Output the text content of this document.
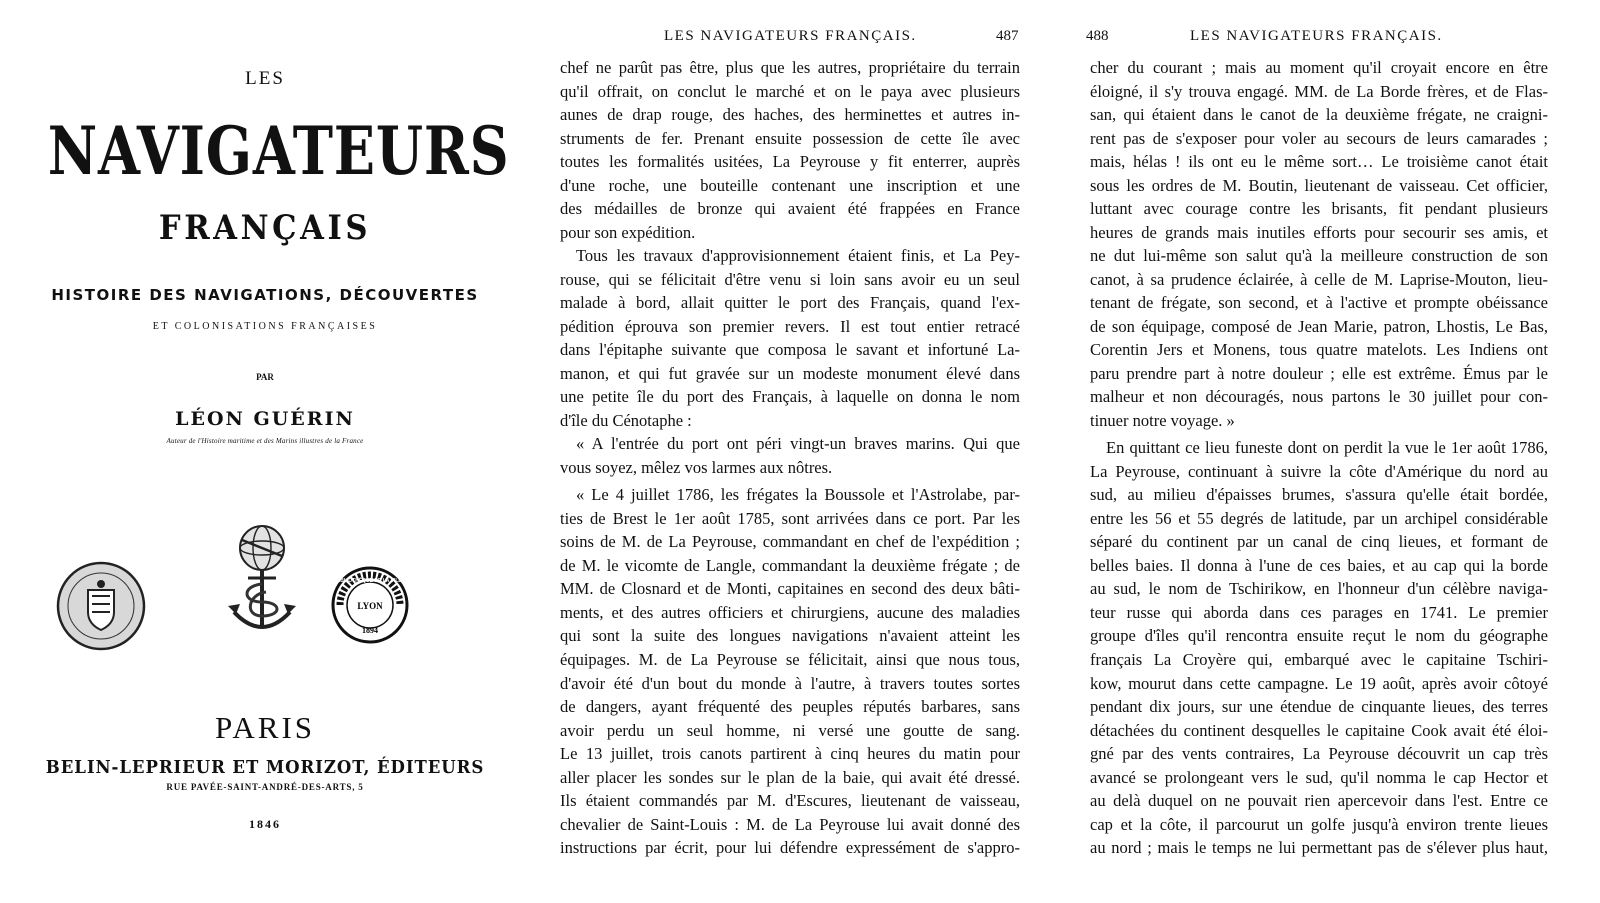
LES
NAVIGATEURS
FRANÇAIS
HISTOIRE DES NAVIGATIONS, DÉCOUVERTES
ET COLONISATIONS FRANÇAISES
PAR
LÉON GUÉRIN
Auteur de l'Histoire maritime et des Marins illustres de la France
LYON
1894
BIBLIOTHÈQUE DE LA VILLE
PARIS
BELIN-LEPRIEUR ET MORIZOT, ÉDITEURS
RUE PAVÉE-SAINT-ANDRÉ-DES-ARTS, 5
1846
LES NAVIGATEURS FRANÇAIS.	487
chef ne parût pas être, plus que les autres, propriétaire du terrain
qu'il offrait, on conclut le marché et on le paya avec plusieurs
aunes de drap rouge, des haches, des herminettes et autres in-
struments de fer. Prenant ensuite possession de cette île avec
toutes les formalités usitées, La Peyrouse y fit enterrer, auprès
d'une roche, une bouteille contenant une inscription et une
des médailles de bronze qui avaient été frappées en France
pour son expédition.
Tous les travaux d'approvisionnement étaient finis, et La Pey-
rouse, qui se félicitait d'être venu si loin sans avoir eu un seul
malade à bord, allait quitter le port des Français, quand l'ex-
pédition éprouva son premier revers. Il est tout entier retracé
dans l'épitaphe suivante que composa le savant et infortuné La-
manon, et qui fut gravée sur un modeste monument élevé dans
une petite île du port des Français, à laquelle on donna le nom
d'île du Cénotaphe :
« A l'entrée du port ont péri vingt-un braves marins. Qui que
vous soyez, mêlez vos larmes aux nôtres.
« Le 4 juillet 1786, les frégates la Boussole et l'Astrolabe, par-
ties de Brest le 1er août 1785, sont arrivées dans ce port. Par les
soins de M. de La Peyrouse, commandant en chef de l'expédition ;
de M. le vicomte de Langle, commandant la deuxième frégate ; de
MM. de Closnard et de Monti, capitaines en second des deux bâti-
ments, et des autres officiers et chirurgiens, aucune des maladies
qui sont la suite des longues navigations n'avaient atteint les
équipages. M. de La Peyrouse se félicitait, ainsi que nous tous,
d'avoir été d'un bout du monde à l'autre, à travers toutes sortes
de dangers, ayant fréquenté des peuples réputés barbares, sans
avoir perdu un seul homme, ni versé une goutte de sang.
Le 13 juillet, trois canots partirent à cinq heures du matin pour
aller placer les sondes sur le plan de la baie, qui avait été dressé.
Ils étaient commandés par M. d'Escures, lieutenant de vaisseau,
chevalier de Saint-Louis : M. de La Peyrouse lui avait donné des
instructions par écrit, pour lui défendre expressément de s'appro-
488	LES NAVIGATEURS FRANÇAIS.
cher du courant ; mais au moment qu'il croyait encore en être
éloigné, il s'y trouva engagé. MM. de La Borde frères, et de Flas-
san, qui étaient dans le canot de la deuxième frégate, ne craigni-
rent pas de s'exposer pour voler au secours de leurs camarades ;
mais, hélas ! ils ont eu le même sort… Le troisième canot était
sous les ordres de M. Boutin, lieutenant de vaisseau. Cet officier,
luttant avec courage contre les brisants, fit pendant plusieurs
heures de grands mais inutiles efforts pour secourir ses amis, et
ne dut lui-même son salut qu'à la meilleure construction de son
canot, à sa prudence éclairée, à celle de M. Laprise-Mouton, lieu-
tenant de frégate, son second, et à l'active et prompte obéissance
de son équipage, composé de Jean Marie, patron, Lhostis, Le Bas,
Corentin Jers et Monens, tous quatre matelots. Les Indiens ont
paru prendre part à notre douleur ; elle est extrême. Émus par le
malheur et non découragés, nous partons le 30 juillet pour con-
tinuer notre voyage. »
En quittant ce lieu funeste dont on perdit la vue le 1er août 1786,
La Peyrouse, continuant à suivre la côte d'Amérique du nord au
sud, au milieu d'épaisses brumes, s'assura qu'elle était bordée,
entre les 56 et 55 degrés de latitude, par un archipel considérable
séparé du continent par un canal de cinq lieues, et formant de
belles baies. Il donna à l'une de ces baies, et au cap qui la borde
au sud, le nom de Tschirikow, en l'honneur d'un célèbre naviga-
teur russe qui aborda dans ces parages en 1741. Le premier
groupe d'îles qu'il rencontra ensuite reçut le nom du géographe
français La Croyère qui, embarqué avec le capitaine Tschiri-
kow, mourut dans cette campagne. Le 19 août, après avoir côtoyé
pendant dix jours, sur une étendue de cinquante lieues, des terres
détachées du continent desquelles le capitaine Cook avait été éloi-
gné par des vents contraires, La Peyrouse découvrit un cap très
avancé se prolongeant vers le sud, qu'il nomma le cap Hector et
au delà duquel on ne pouvait rien apercevoir dans l'est. Entre ce
cap et la côte, il parcourut un golfe jusqu'à environ trente lieues
au nord ; mais le temps ne lui permettant pas de s'élever plus haut,
